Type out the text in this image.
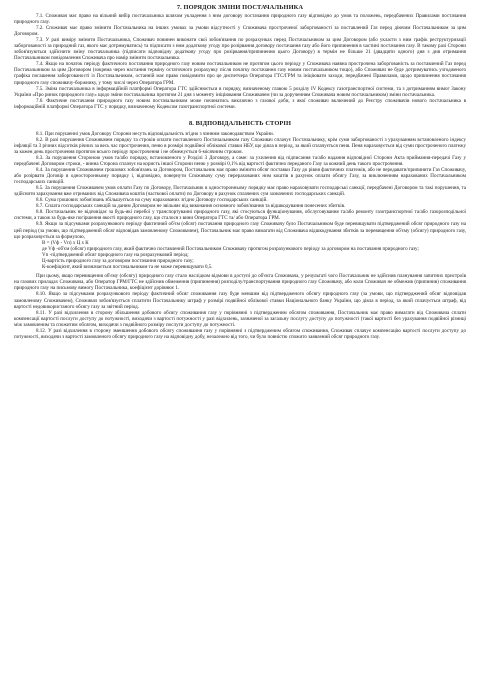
7. ПОРЯДОК ЗМІНИ ПОСТАЧАЛЬНИКА

7.1. Споживач має право на вільний вибір постачальника шляхом укладення з ним договору постачання природного газу відповідно до умов та положень, передбачених Правилами постачання природного газу.

7.2. Споживач має право змінити Постачальника на інших умовах за умови відсутності у Споживача простроченої заборгованості за поставлений Газ перед діючим Постачальником за цим Договором.

7.3. У разі виміру змінити Постачальника, Споживач повинен виконати свої зобов'язання по розрахунках перед Постачальником за цим Договором (або укласти з ним графік реструктуризації заборгованості за природний газ, якого має дотримуватись) та підписати з ним додаткову угоду про розірвання договору постачання газу або його припинення в частині постачання газу. В такому разі Сторони зобов'язуються здійснити зміну постачальника (підписати відповідну додаткову угоду про розірвання/припинення цього Договору) в термін не більше 21 (двадцяти одного) дня з дня отримання Постачальником повідомлення Споживача про намір змінити постачальника.

7.4. Якщо на початок періоду фактичного постачання природного газу новим постачальником не протягом цього періоду у Споживача наявна прострочена заборгованість за поставлений Газ перед Постачальником за цим Договором (зокрема через настання терміну остаточного розрахунку після початку постачання газу новим постачальником тощо), або Споживач не буде дотримуватись узгодженого графіка погашення заборгованості із Постачальником, останній має право повідомити про це диспетчера Оператора ГТС/ГРМ та ініціювати заходи, передбачені Правилами, щодо припинення постачання природного газу споживачу-боржнику, у тому числі через Оператора ГРМ.

7.5. Зміна постачальника в інформаційній платформі Оператора ГТС здійснюється в порядку, визначеному главою 5 розділу IV Кодексу газотранспортної системи, та з дотриманням вимог Закону України «Про ринок природного газу» щодо зміни постачальника протягом 21 дня з моменту ініціювання Споживачем (чи за дорученням Споживача новим постачальником) зміни постачальника.

7.6. Фактичне постачання природного газу новим постачальником може починатись виключно з газової доби, з якої споживач включений до Реєстру споживачів нового постачальника в інформаційній платформі Оператора ГТС у порядку, визначеному Кодексом газотранспортної системи.

8. ВІДПОВІДАЛЬНІСТЬ СТОРІН

8.1. При порушенні умов Договору Сторони несуть відповідальність згідно з чинним законодавством України.

8.2. В разі порушення Споживачем порядку та строків оплати поставленого Постачальником газу Споживач сплачує Постачальнику, крім суми заборгованості з урахуванням встановленого індексу інфляції та 3 річних відсотків річних за весь час прострочення, пеню в розмірі подвійної облікової ставки НБУ, що діяла в період, за який сплачується пеня. Пеня нараховується від суми простроченого платежу за кожен день прострочення протягом всього періоду прострочення і не обмежується 6-місячним строком.

8.3. За порушення Стороною умов та/або порядку, встановленого у Розділі 3 Договору, а саме: за ухилення від підписання та/або надання відповідної Сторони Акта приймання-передачі Газу у передбачені Договором строки, - винна Сторона сплачує на користь іншої Сторони пеню у розмірі 0,1% від вартості фактично переданого Газу за кожний день такого прострочення.

8.4. За порушення Споживачем грошових зобов'язань за Договором, Постачальник має право змінити обсяг поставки Газу до рівня фактичних платежів, або не передавати/припинити Газ Споживачу, або розірвати Договір в односторонньому порядку і, відповідно, повернути Споживачу суму перерахованих ним коштів в рахунок оплати обсягу Газу, за виключенням нарахованих Постачальником господарських санкцій.

8.5. За порушення Споживачем умов оплати Газу по Договору, Постачальник в односторонньому порядку має право нараховувати господарські санкції, передбачені Договором та такі порушення, та здійснити зарахування вже отриманих від Споживача коштів (часткової оплати) по Договору в рахунок сплачених сум зазначених господарських санкцій.

8.6. Сума грошових зобов'язань збільшується на суму нарахованих згідно Договору господарських санкцій.

8.7. Сплата господарських санкцій за даним Договором не звільняє від виконання основного зобов'язання та відшкодування понесених збитків.

8.8. Постачальник не відповідає за будь-які перебої у транспортуванні природного газу, які стосуються функціонування, обслуговування та/або ремонту газотранспортної та/або газорозподільної системи, а також за будь-яке погіршення якості природного газу, що сталося з вини Оператора ГТС та/ або Оператора ГРМ.

8.9. Якщо за підсумками розрахункового періоду фактичний об'єм (обсяг) постачання природного газу Споживачу було Постачальником буде перевищувати підтверджений обсяг природного газу на цей період (за умови, що підтверджений обсяг відповідав замовленому Споживачем), Постачальник має право вимагати від Споживача відшкодування збитків за перевищення об'єму (обсягу) природного газу, що розраховується за формулою,

В = (Vф - Vп) х Ц х К

де Vф -об'єм (обсяг) природного газу, який фактично поставлений Постачальником Споживачу протягом розрахункового періоду за договором на постачання природного газу;

Vп -підтверджений обсяг природного газу на розрахунковий період;

Ц-вартість природного газу за договором постачання природного газу;

К-коефіцієнт, який визначається постачальником та не може перевищувати 0,5.

При цьому, якщо перевищення об'єму (обсягу) природного газу стало наслідком відмови в доступі до об'єкта Споживача, у результаті чого Постачальник не здійснив планування запитних пристроїв на газових приладах Споживача, або Оператор ГРМ/ГТС не здійснив обмеження (припинення) розподілу/транспортування природного газу Споживачу, або коли Споживач не обмежив (припинив) споживання природного газу на письмову вимогу Постачальника, коефіцієнт дорівнює 1.

8.10. Якщо за підсумками розрахункового періоду фактичний обсяг споживання газу буде меншим від підтвердженого обсягу природного газу (за умови, що підтверджений обсяг відповідав замовленому Споживачем), Споживач зобов'язується сплатити Постачальнику штраф у розмірі подвійної облікової ставки Національного банку України, що діяла в період, за який сплачується штраф, від вартості недовикористаного обсягу газу за звітний період.

8.11. У разі відхилення в сторону збільшення добового обсягу споживання газу у порівнянні з підтвердженим обсягом споживання, Постачальник має право вимагати від Споживача сплати компенсації вартості послуги доступу до потужності, виходячи з вартості потужності у разі відхилень, зазначеної за загальну послугу доступу до потужності (такої вартості без урахування подвійної різниці між замовленим та спожитим обсягом, виходячи з подвійного розміру послуги доступу до потужності.

8.12. У разі відхилення в сторону зменшення добового обсягу споживання газу у порівнянні з підтвердженим обсягом споживання, Споживач сплачує компенсацію вартості послуги доступу до потужності, виходячи з вартості замовленого обсягу природного газу на відповідну добу, незалежно від того, чи було повністю спожито заявлений обсяг природного газу.
